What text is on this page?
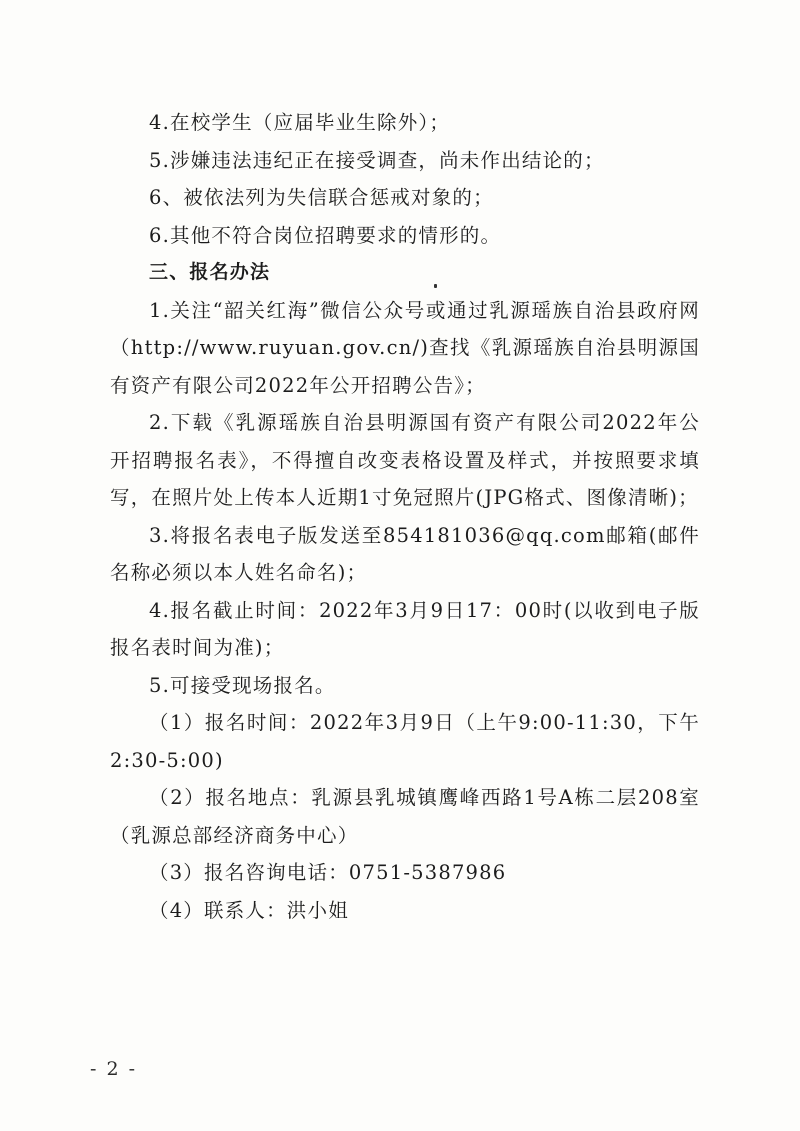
4.在校学生（应届毕业生除外）；

5.涉嫌违法违纪正在接受调查，尚未作出结论的；

6、被依法列为失信联合惩戒对象的；

6.其他不符合岗位招聘要求的情形的。

三、报名办法

1.关注“韶关红海”微信公众号或通过乳源瑶族自治县政府网（http://www.ruyuan.gov.cn/)查找《乳源瑶族自治县明源国有资产有限公司2022年公开招聘公告》；

2.下载《乳源瑶族自治县明源国有资产有限公司2022年公开招聘报名表》，不得擅自改变表格设置及样式，并按照要求填写，在照片处上传本人近期1寸免冠照片(JPG格式、图像清晰)；

3.将报名表电子版发送至854181036@qq.com邮箱(邮件名称必须以本人姓名命名)；

4.报名截止时间：2022年3月9日17：00时(以收到电子版报名表时间为准)；

5.可接受现场报名。

（1）报名时间：2022年3月9日（上午9:00-11:30，下午2:30-5:00)

（2）报名地点：乳源县乳城镇鹰峰西路1号A栋二层208室（乳源总部经济商务中心）

（3）报名咨询电话：0751-5387986

（4）联系人：洪小姐

- 2 -
